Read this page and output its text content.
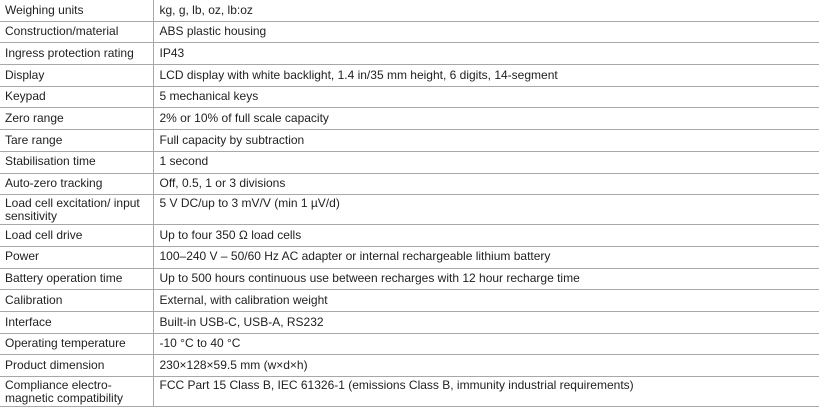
Weighing units	kg, g, lb, oz, lb:oz
Construction/material	ABS plastic housing
Ingress protection rating	IP43
Display	LCD display with white backlight, 1.4 in/35 mm height, 6 digits, 14-segment
Keypad	5 mechanical keys
Zero range	2% or 10% of full scale capacity
Tare range	Full capacity by subtraction
Stabilisation time	1 second
Auto-zero tracking	Off, 0.5, 1 or 3 divisions
Load cell excitation/ input sensitivity	5 V DC/up to 3 mV/V (min 1 µV/d)
Load cell drive	Up to four 350 Ω load cells
Power	100–240 V – 50/60 Hz AC adapter or internal rechargeable lithium battery
Battery operation time	Up to 500 hours continuous use between recharges with 12 hour recharge time
Calibration	External, with calibration weight
Interface	Built-in USB-C, USB-A, RS232
Operating temperature	-10 °C to 40 °C
Product dimension	230×128×59.5 mm (w×d×h)
Compliance electro- magnetic compatibility	FCC Part 15 Class B, IEC 61326-1 (emissions Class B, immunity industrial requirements)
